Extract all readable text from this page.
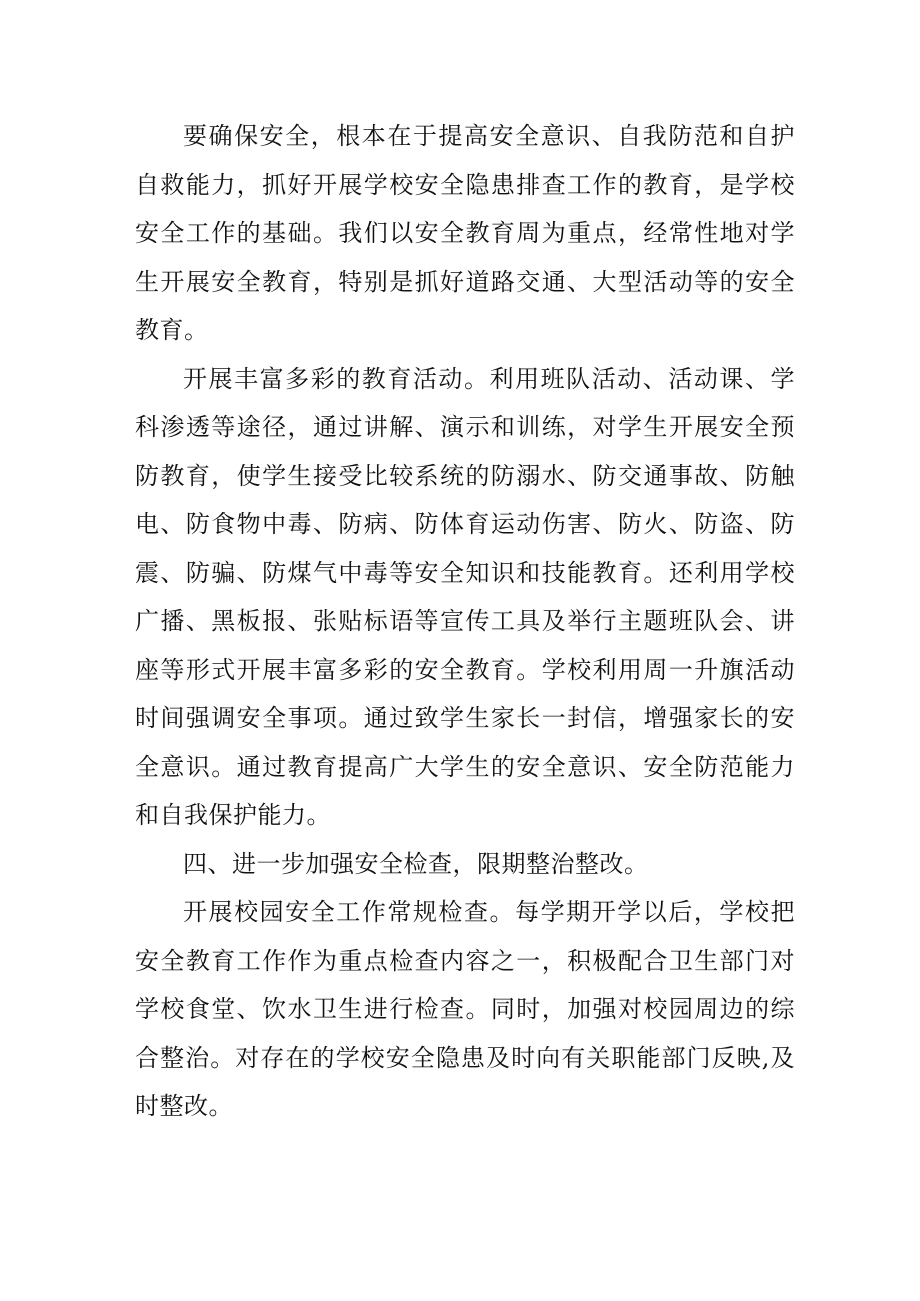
要确保安全，根本在于提高安全意识、自我防范和自护自救能力，抓好开展学校安全隐患排查工作的教育，是学校安全工作的基础。我们以安全教育周为重点，经常性地对学生开展安全教育，特别是抓好道路交通、大型活动等的安全教育。

开展丰富多彩的教育活动。利用班队活动、活动课、学科渗透等途径，通过讲解、演示和训练，对学生开展安全预防教育，使学生接受比较系统的防溺水、防交通事故、防触电、防食物中毒、防病、防体育运动伤害、防火、防盗、防震、防骗、防煤气中毒等安全知识和技能教育。还利用学校广播、黑板报、张贴标语等宣传工具及举行主题班队会、讲座等形式开展丰富多彩的安全教育。学校利用周一升旗活动时间强调安全事项。通过致学生家长一封信，增强家长的安全意识。通过教育提高广大学生的安全意识、安全防范能力和自我保护能力。

四、进一步加强安全检查，限期整治整改。

开展校园安全工作常规检查。每学期开学以后，学校把安全教育工作作为重点检查内容之一，积极配合卫生部门对学校食堂、饮水卫生进行检查。同时，加强对校园周边的综合整治。对存在的学校安全隐患及时向有关职能部门反映,及时整改。
